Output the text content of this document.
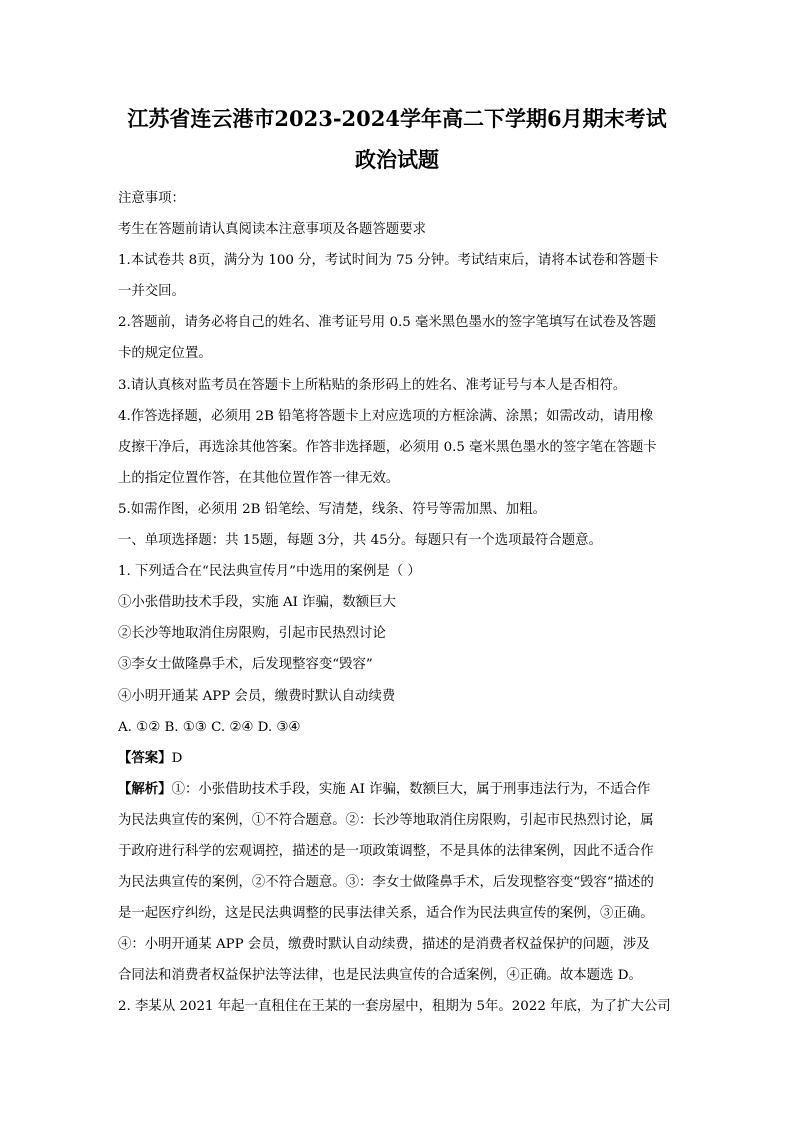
江苏省连云港市2023-2024学年高二下学期6月期末考试
政治试题
注意事项：
考生在答题前请认真阅读本注意事项及各题答题要求
1.本试卷共 8页，满分为 100 分，考试时间为 75 分钟。考试结束后，请将本试卷和答题卡
一并交回。
2.答题前，请务必将自己的姓名、准考证号用 0.5 毫米黑色墨水的签字笔填写在试卷及答题
卡的规定位置。
3.请认真核对监考员在答题卡上所粘贴的条形码上的姓名、准考证号与本人是否相符。
4.作答选择题，必须用 2B 铅笔将答题卡上对应选项的方框涂满、涂黑；如需改动，请用橡
皮擦干净后，再选涂其他答案。作答非选择题，必须用 0.5 毫米黑色墨水的签字笔在答题卡
上的指定位置作答，在其他位置作答一律无效。
5.如需作图，必须用 2B 铅笔绘、写清楚，线条、符号等需加黑、加粗。
一、单项选择题：共 15题，每题 3分，共 45分。每题只有一个选项最符合题意。
1. 下列适合在“民法典宣传月”中选用的案例是（ ）
①小张借助技术手段，实施 AI 诈骗，数额巨大
②长沙等地取消住房限购，引起市民热烈讨论
③李女士做隆鼻手术，后发现整容变“毁容”
④小明开通某 APP 会员，缴费时默认自动续费
A. ①② B. ①③ C. ②④ D. ③④
【答案】D
【解析】①：小张借助技术手段，实施 AI 诈骗，数额巨大，属于刑事违法行为，不适合作
为民法典宣传的案例，①不符合题意。②：长沙等地取消住房限购，引起市民热烈讨论，属
于政府进行科学的宏观调控，描述的是一项政策调整，不是具体的法律案例，因此不适合作
为民法典宣传的案例，②不符合题意。③：李女士做隆鼻手术，后发现整容变“毁容”描述的
是一起医疗纠纷，这是民法典调整的民事法律关系，适合作为民法典宣传的案例，③正确。
④：小明开通某 APP 会员，缴费时默认自动续费，描述的是消费者权益保护的问题，涉及
合同法和消费者权益保护法等法律，也是民法典宣传的合适案例，④正确。故本题选 D。
2. 李某从 2021 年起一直租住在王某的一套房屋中，租期为 5年。2022 年底，为了扩大公司
